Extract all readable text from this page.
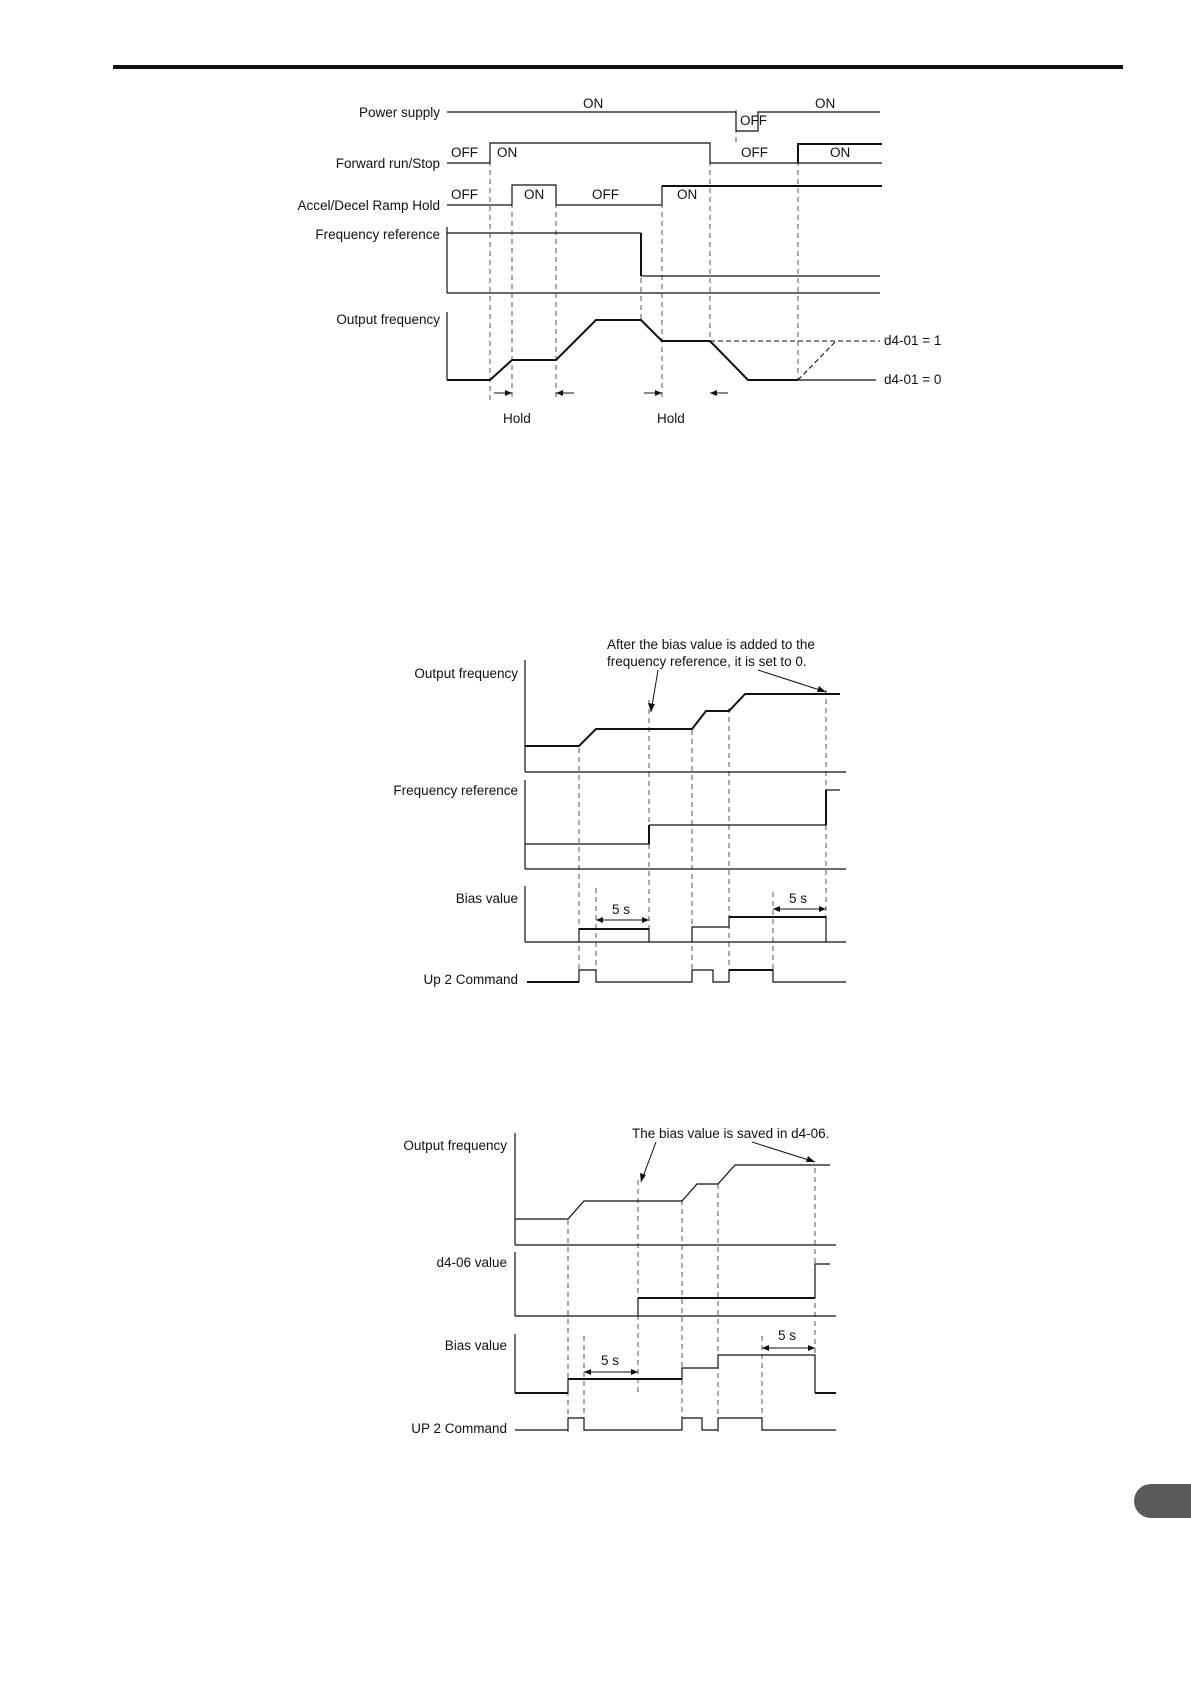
Power supply
ON
OFF
ON
Forward run/Stop
OFF ON	OFF	ON
Accel/Decel Ramp Hold
OFF	ON	OFF	ON
Frequency reference
Output frequency
d4-01 = 1
d4-01 = 0
Hold	Hold
After the bias value is added to the
frequency reference, it is set to 0.
Output frequency
Frequency reference
Bias value
5 s
5 s
Up 2 Command
The bias value is saved in d4-06.
Output frequency
d4-06 value
Bias value
5 s
5 s
UP 2 Command
